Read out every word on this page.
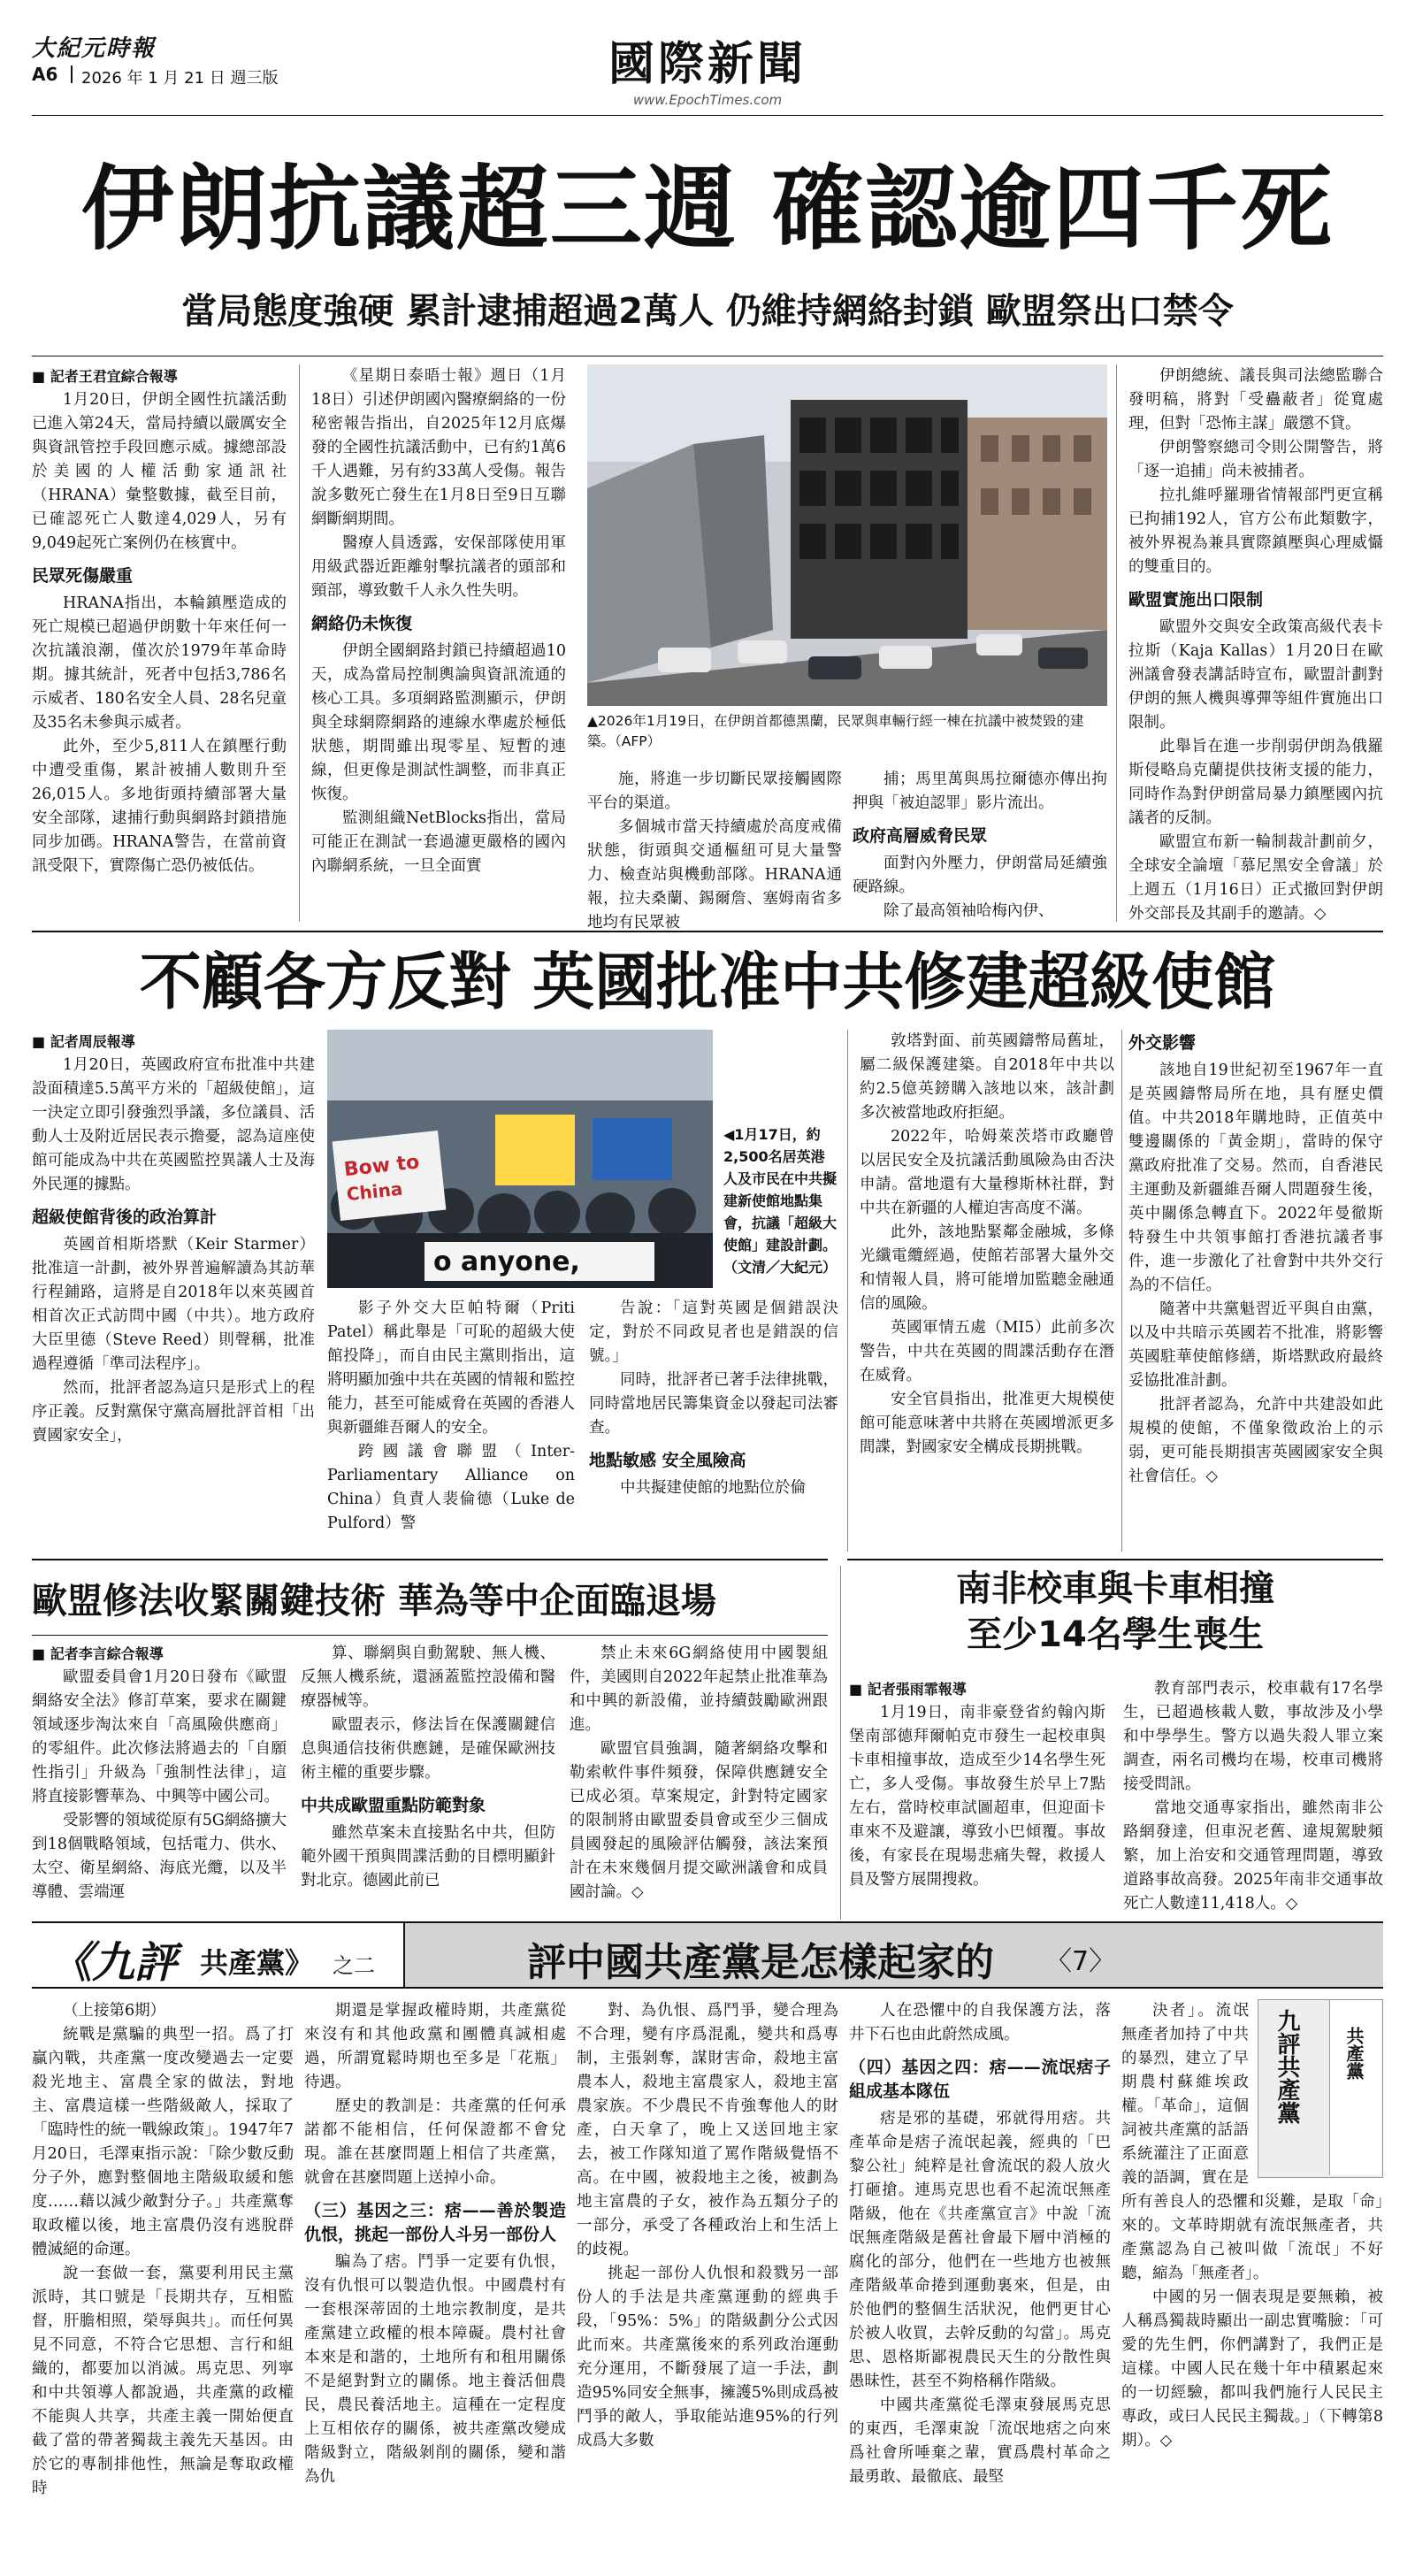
大紀元時報
A6 2026 年 1 月 21 日 週三版	國際新聞
www.EpochTimes.com
伊朗抗議超三週 確認逾四千死
當局態度強硬 累計逮捕超過2萬人 仍維持網絡封鎖 歐盟祭出口禁令

■ 記者王君宜綜合報導

1月20日，伊朗全國性抗議活動已進入第24天，當局持續以嚴厲安全與資訊管控手段回應示威。據總部設於美國的人權活動家通訊社（HRANA）彙整數據，截至目前，已確認死亡人數達4,029人，另有9,049起死亡案例仍在核實中。

民眾死傷嚴重

HRANA指出，本輪鎮壓造成的死亡規模已超過伊朗數十年來任何一次抗議浪潮，僅次於1979年革命時期。據其統計，死者中包括3,786名示威者、180名安全人員、28名兒童及35名未參與示威者。

此外，至少5,811人在鎮壓行動中遭受重傷，累計被捕人數則升至26,015人。多地街頭持續部署大量安全部隊，逮捕行動與網路封鎖措施同步加碼。HRANA警告，在當前資訊受限下，實際傷亡恐仍被低估。

《星期日泰晤士報》週日（1月18日）引述伊朗國內醫療網絡的一份秘密報告指出，自2025年12月底爆發的全國性抗議活動中，已有約1萬6千人遇難，另有約33萬人受傷。報告說多數死亡發生在1月8日至9日互聯網斷網期間。

醫療人員透露，安保部隊使用軍用級武器近距離射擊抗議者的頭部和頸部，導致數千人永久性失明。

網絡仍未恢復

伊朗全國網路封鎖已持續超過10天，成為當局控制輿論與資訊流通的核心工具。多項網路監測顯示，伊朗與全球網際網路的連線水準處於極低狀態，期間雖出現零星、短暫的連線，但更像是測試性調整，而非真正恢復。

監測組織NetBlocks指出，當局可能正在測試一套過濾更嚴格的國內內聯網系統，一旦全面實

▲2026年1月19日，在伊朗首都德黑蘭，民眾與車輛行經一棟在抗議中被焚毀的建築。（AFP）

施，將進一步切斷民眾接觸國際平台的渠道。

多個城市當天持續處於高度戒備狀態，街頭與交通樞紐可見大量警力、檢查站與機動部隊。HRANA通報，拉夫桑蘭、錫爾詹、塞姆南省多地均有民眾被

捕；馬里萬與馬拉爾德亦傳出拘押與「被迫認罪」影片流出。

政府高層威脅民眾

面對內外壓力，伊朗當局延續強硬路線。

除了最高領袖哈梅內伊、

伊朗總統、議長與司法總監聯合發明稿，將對「受蠱蔽者」從寬處理，但對「恐怖主謀」嚴懲不貸。

伊朗警察總司令則公開警告，將「逐一追捕」尚未被捕者。

拉扎維呼羅珊省情報部門更宣稱已拘捕192人，官方公布此類數字，被外界視為兼具實際鎮壓與心理威懾的雙重目的。

歐盟實施出口限制

歐盟外交與安全政策高級代表卡拉斯（Kaja Kallas）1月20日在歐洲議會發表講話時宣布，歐盟計劃對伊朗的無人機與導彈等組件實施出口限制。

此舉旨在進一步削弱伊朗為俄羅斯侵略烏克蘭提供技術支援的能力，同時作為對伊朗當局暴力鎮壓國內抗議者的反制。

歐盟宣布新一輪制裁計劃前夕，全球安全論壇「慕尼黑安全會議」於上週五（1月16日）正式撤回對伊朗外交部長及其副手的邀請。◇

不顧各方反對 英國批准中共修建超級使館

■ 記者周辰報導

1月20日，英國政府宣布批准中共建設面積達5.5萬平方米的「超級使館」，這一決定立即引發強烈爭議，多位議員、活動人士及附近居民表示擔憂，認為這座使館可能成為中共在英國監控異議人士及海外民運的據點。

超級使館背後的政治算計

英國首相斯塔默（Keir Starmer）批准這一計劃，被外界普遍解讀為其訪華行程鋪路，這將是自2018年以來英國首相首次正式訪問中國（中共）。地方政府大臣里德（Steve Reed）則聲稱，批准過程遵循「準司法程序」。

然而，批評者認為這只是形式上的程序正義。反對黨保守黨高層批評首相「出賣國家安全」，

Bow to
China
o anyone,
◀1月17日，約2,500名居英港人及市民在中共擬建新使館地點集會，抗議「超級大使館」建設計劃。（文清／大紀元）

影子外交大臣帕特爾（Priti Patel）稱此舉是「可恥的超級大使館投降」，而自由民主黨則指出，這將明顯加強中共在英國的情報和監控能力，甚至可能威脅在英國的香港人與新疆維吾爾人的安全。

跨國議會聯盟（Inter-Parliamentary Alliance on China）負責人裴倫德（Luke de Pulford）警

告說：「這對英國是個錯誤決定，對於不同政見者也是錯誤的信號。」

同時，批評者已著手法律挑戰，同時當地居民籌集資金以發起司法審查。

地點敏感 安全風險高

中共擬建使館的地點位於倫

敦塔對面、前英國鑄幣局舊址，屬二級保護建築。自2018年中共以約2.5億英鎊購入該地以來，該計劃多次被當地政府拒絕。

2022年，哈姆萊茨塔市政廳曾以居民安全及抗議活動風險為由否決申請。當地還有大量穆斯林社群，對中共在新疆的人權迫害高度不滿。

此外，該地點緊鄰金融城，多條光纖電纜經過，使館若部署大量外交和情報人員，將可能增加監聽金融通信的風險。

英國軍情五處（MI5）此前多次警告，中共在英國的間諜活動存在潛在威脅。

安全官員指出，批准更大規模使館可能意味著中共將在英國增派更多間諜，對國家安全構成長期挑戰。

外交影響

該地自19世紀初至1967年一直是英國鑄幣局所在地，具有歷史價值。中共2018年購地時，正值英中雙邊關係的「黃金期」，當時的保守黨政府批准了交易。然而，自香港民主運動及新疆維吾爾人問題發生後，英中關係急轉直下。2022年曼徹斯特發生中共領事館打香港抗議者事件，進一步激化了社會對中共外交行為的不信任。

隨著中共黨魁習近平與自由黨，以及中共暗示英國若不批准，將影響英國駐華使館修繕，斯塔默政府最終妥協批准計劃。

批評者認為，允許中共建設如此規模的使館，不僅象徵政治上的示弱，更可能長期損害英國國家安全與社會信任。◇

歐盟修法收緊關鍵技術 華為等中企面臨退場

■ 記者李言綜合報導

歐盟委員會1月20日發布《歐盟網絡安全法》修訂草案，要求在關鍵領域逐步淘汰來自「高風險供應商」的零組件。此次修法將過去的「自願性指引」升級為「強制性法律」，這將直接影響華為、中興等中國公司。

受影響的領域從原有5G網絡擴大到18個戰略領域，包括電力、供水、太空、衛星網絡、海底光纜，以及半導體、雲端運

算、聯網與自動駕駛、無人機、反無人機系統，還涵蓋監控設備和醫療器械等。

歐盟表示，修法旨在保護關鍵信息與通信技術供應鏈，是確保歐洲技術主權的重要步驟。

中共成歐盟重點防範對象

雖然草案未直接點名中共，但防範外國干預與間諜活動的目標明顯針對北京。德國此前已

禁止未來6G網絡使用中國製組件，美國則自2022年起禁止批准華為和中興的新設備，並持續鼓勵歐洲跟進。

歐盟官員強調，隨著網絡攻擊和勒索軟件事件頻發，保障供應鏈安全已成必須。草案規定，針對特定國家的限制將由歐盟委員會或至少三個成員國發起的風險評估觸發，該法案預計在未來幾個月提交歐洲議會和成員國討論。◇

南非校車與卡車相撞
至少14名學生喪生

■ 記者張雨霏報導

1月19日，南非豪登省約翰內斯堡南部德拜爾帕克市發生一起校車與卡車相撞事故，造成至少14名學生死亡，多人受傷。事故發生於早上7點左右，當時校車試圖超車，但迎面卡車來不及避讓，導致小巴傾覆。事故後，有家長在現場悲痛失聲，救援人員及警方展開搜救。

教育部門表示，校車載有17名學生，已超過核載人數，事故涉及小學和中學學生。警方以過失殺人罪立案調查，兩名司機均在場，校車司機將接受問訊。

當地交通專家指出，雖然南非公路網發達，但車況老舊、違規駕駛頻繁，加上治安和交通管理問題，導致道路事故高發。2025年南非交通事故死亡人數達11,418人。◇

《九評 共產黨》 之二	評中國共產黨是怎樣起家的 〈7〉

（上接第6期）

統戰是黨騙的典型一招。爲了打贏內戰，共產黨一度改變過去一定要殺光地主、富農全家的做法，對地主、富農這樣一些階級敵人，採取了「臨時性的統一戰線政策」。1947年7月20日，毛澤東指示說：「除少數反動分子外，應對整個地主階級取緩和態度……藉以減少敵對分子。」共產黨奪取政權以後，地主富農仍沒有逃脫群體滅絕的命運。

說一套做一套，黨要利用民主黨派時，其口號是「長期共存，互相監督，肝膽相照，榮辱與共」。而任何異見不同意，不符合它思想、言行和組織的，都要加以消滅。馬克思、列寧和中共領導人都說過，共產黨的政權不能與人共享，共產主義一開始便直截了當的帶著獨裁主義先天基因。由於它的專制排他性，無論是奪取政權時

期還是掌握政權時期，共產黨從來沒有和其他政黨和團體真誠相處過，所謂寬鬆時期也至多是「花瓶」待遇。

歷史的教訓是：共產黨的任何承諾都不能相信，任何保證都不會兌現。誰在甚麼問題上相信了共產黨，就會在甚麼問題上送掉小命。

（三）基因之三：痞——善於製造仇恨，挑起一部份人斗另一部份人

騙為了痞。鬥爭一定要有仇恨，沒有仇恨可以製造仇恨。中國農村有一套根深蒂固的土地宗教制度，是共產黨建立政權的根本障礙。農村社會本來是和諧的，土地所有和租用關係不是絕對對立的關係。地主養活佃農民，農民養活地主。這種在一定程度上互相依存的關係，被共產黨改變成階級對立，階級剝削的關係，變和諧為仇

對、為仇恨、爲鬥爭，變合理為不合理，變有序爲混亂，變共和爲專制，主張剝奪，謀財害命，殺地主富農本人，殺地主富農家人，殺地主富農家族。不少農民不肯強奪他人的財產，白天拿了，晚上又送回地主家去，被工作隊知道了罵作階級覺悟不高。在中國，被殺地主之後，被劃為地主富農的子女，被作為五類分子的一部分，承受了各種政治上和生活上的歧視。

挑起一部份人仇恨和殺戮另一部份人的手法是共產黨運動的經典手段，「95%：5%」的階級劃分公式因此而來。共產黨後來的系列政治運動充分運用，不斷發展了這一手法，劃造95%同安全無事，擁護5%則成爲被鬥爭的敵人，爭取能站進95%的行列成爲大多數

人在恐懼中的自我保護方法，落井下石也由此蔚然成風。

（四）基因之四：痞——流氓痞子組成基本隊伍

痞是邪的基礎，邪就得用痞。共產革命是痞子流氓起義，經典的「巴黎公社」純粹是社會流氓的殺人放火打砸搶。連馬克思也看不起流氓無產階級，他在《共產黨宣言》中說「流氓無產階級是舊社會最下層中消極的腐化的部分，他們在一些地方也被無產階級革命捲到運動裏來，但是，由於他們的整個生活狀況，他們更甘心於被人收買，去幹反動的勾當」。馬克思、恩格斯鄙視農民天生的分散性與愚昧性，甚至不夠格稱作階級。

中國共產黨從毛澤東發展馬克思的東西，毛澤東說「流氓地痞之向來爲社會所唾棄之輩，實爲農村革命之最勇敢、最徹底、最堅

九評共產黨 共產黨

決者」。流氓無產者加持了中共的暴烈，建立了早期農村蘇維埃政權。「革命」，這個詞被共產黨的話語系統灌注了正面意義的語調，實在是所有善良人的恐懼和災難，是取「命」來的。文革時期就有流氓無產者，共產黨認為自己被叫做「流氓」不好聽，縮為「無產者」。

中國的另一個表現是要無賴，被人稱爲獨裁時顯出一副忠實嘴臉：「可愛的先生們，你們講對了，我們正是這樣。中國人民在幾十年中積累起來的一切經驗，都叫我們施行人民民主專政，或曰人民民主獨裁。」（下轉第8期）。◇
